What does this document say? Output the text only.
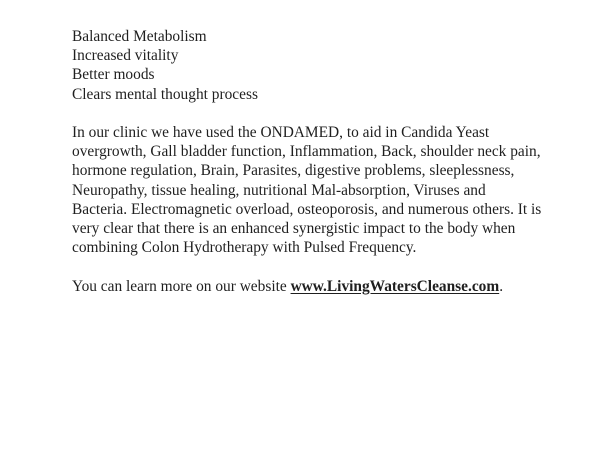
Balanced Metabolism
Increased vitality
Better moods
Clears mental thought process

In our clinic we have used the ONDAMED, to aid in Candida Yeast overgrowth, Gall bladder function, Inflammation, Back, shoulder neck pain, hormone regulation, Brain, Parasites, digestive problems, sleeplessness, Neuropathy, tissue healing, nutritional Mal-absorption, Viruses and Bacteria. Electromagnetic overload, osteoporosis, and numerous others. It is very clear that there is an enhanced synergistic impact to the body when combining Colon Hydrotherapy with Pulsed Frequency.

You can learn more on our website www.LivingWatersCleanse.com.
